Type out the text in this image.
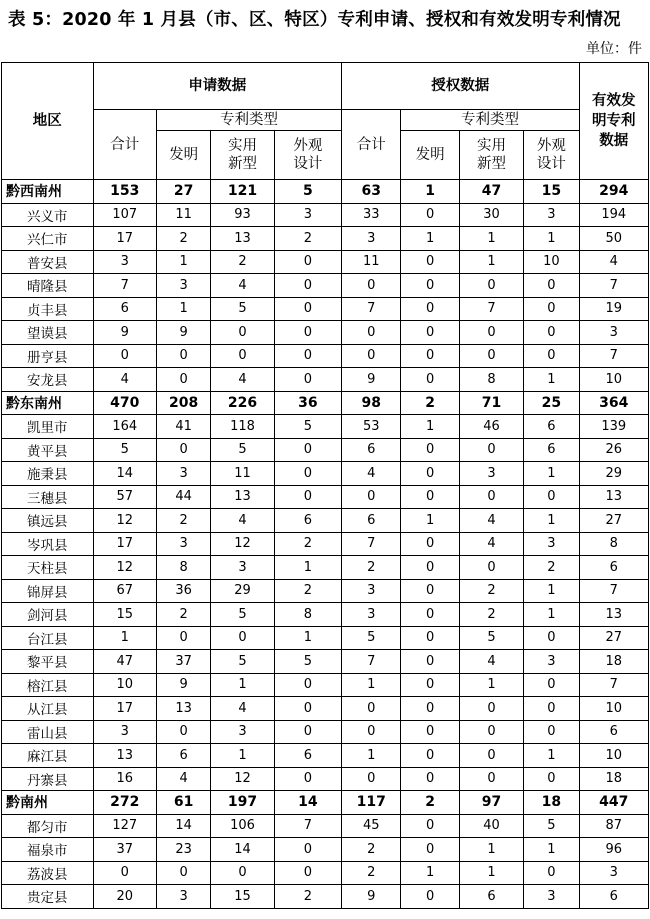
表 5：2020 年 1 月县（市、区、特区）专利申请、授权和有效发明专利情况
单位：件
地区	申请数据				授权数据				有效发明专利数据
	合计	专利类型			合计	专利类型			
		发明	实用新型	外观设计		发明	实用新型	外观设计	
黔西南州	153	27	121	5	63	1	47	15	294
兴义市	107	11	93	3	33	0	30	3	194
兴仁市	17	2	13	2	3	1	1	1	50
普安县	3	1	2	0	11	0	1	10	4
晴隆县	7	3	4	0	0	0	0	0	7
贞丰县	6	1	5	0	7	0	7	0	19
望谟县	9	9	0	0	0	0	0	0	3
册亨县	0	0	0	0	0	0	0	0	7
安龙县	4	0	4	0	9	0	8	1	10
黔东南州	470	208	226	36	98	2	71	25	364
凯里市	164	41	118	5	53	1	46	6	139
黄平县	5	0	5	0	6	0	0	6	26
施秉县	14	3	11	0	4	0	3	1	29
三穗县	57	44	13	0	0	0	0	0	13
镇远县	12	2	4	6	6	1	4	1	27
岑巩县	17	3	12	2	7	0	4	3	8
天柱县	12	8	3	1	2	0	0	2	6
锦屏县	67	36	29	2	3	0	2	1	7
剑河县	15	2	5	8	3	0	2	1	13
台江县	1	0	0	1	5	0	5	0	27
黎平县	47	37	5	5	7	0	4	3	18
榕江县	10	9	1	0	1	0	1	0	7
从江县	17	13	4	0	0	0	0	0	10
雷山县	3	0	3	0	0	0	0	0	6
麻江县	13	6	1	6	1	0	0	1	10
丹寨县	16	4	12	0	0	0	0	0	18
黔南州	272	61	197	14	117	2	97	18	447
都匀市	127	14	106	7	45	0	40	5	87
福泉市	37	23	14	0	2	0	1	1	96
荔波县	0	0	0	0	2	1	1	0	3
贵定县	20	3	15	2	9	0	6	3	6
